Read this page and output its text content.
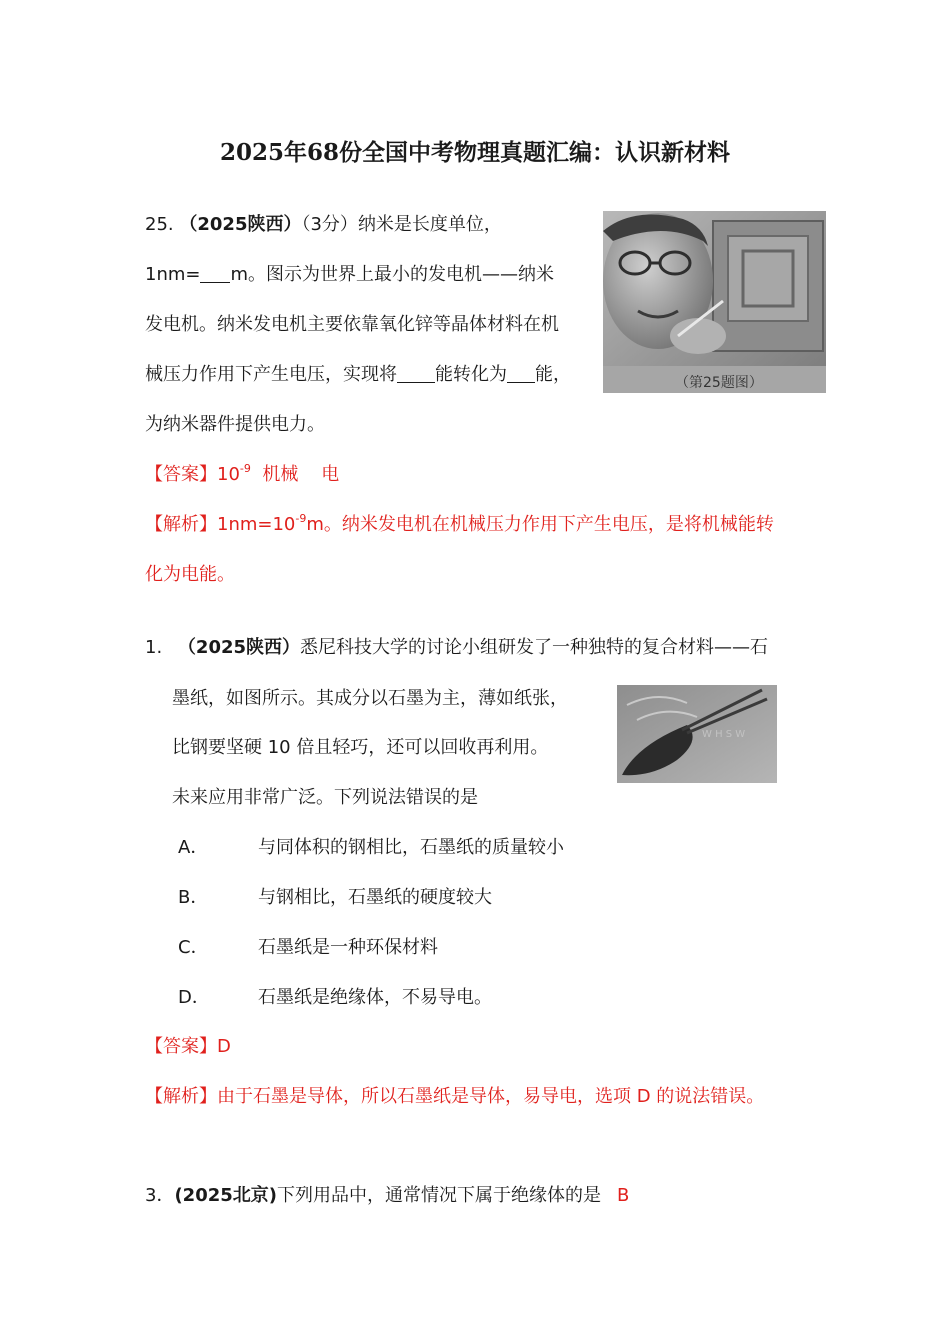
2025年68份全国中考物理真题汇编：认识新材料
25. （2025陕西）（3分）纳米是长度单位，
1nm= m。图示为世界上最小的发电机——纳米
发电机。纳米发电机主要依靠氧化锌等晶体材料在机
械压力作用下产生电压，实现将 能转化为 能，
为纳米器件提供电力。
（第25题图）
【答案】$10^{-9}$  机械    电
【解析】$1nm=10^{-9}m$。纳米发电机在机械压力作用下产生电压，是将机械能转
化为电能。
1. （2025陕西）悉尼科技大学的讨论小组研发了一种独特的复合材料——石
墨纸，如图所示。其成分以石墨为主，薄如纸张，
比钢要坚硬 10 倍且轻巧，还可以回收再利用。
未来应用非常广泛。下列说法错误的是
W H S W
A．	与同体积的钢相比，石墨纸的质量较小
B．	与钢相比，石墨纸的硬度较大
C．	石墨纸是一种环保材料
D．	石墨纸是绝缘体，不易导电。
【答案】D
【解析】由于石墨是导体，所以石墨纸是导体，易导电，选项 D 的说法错误。
3．(2025北京)下列用品中，通常情况下属于绝缘体的是 B
